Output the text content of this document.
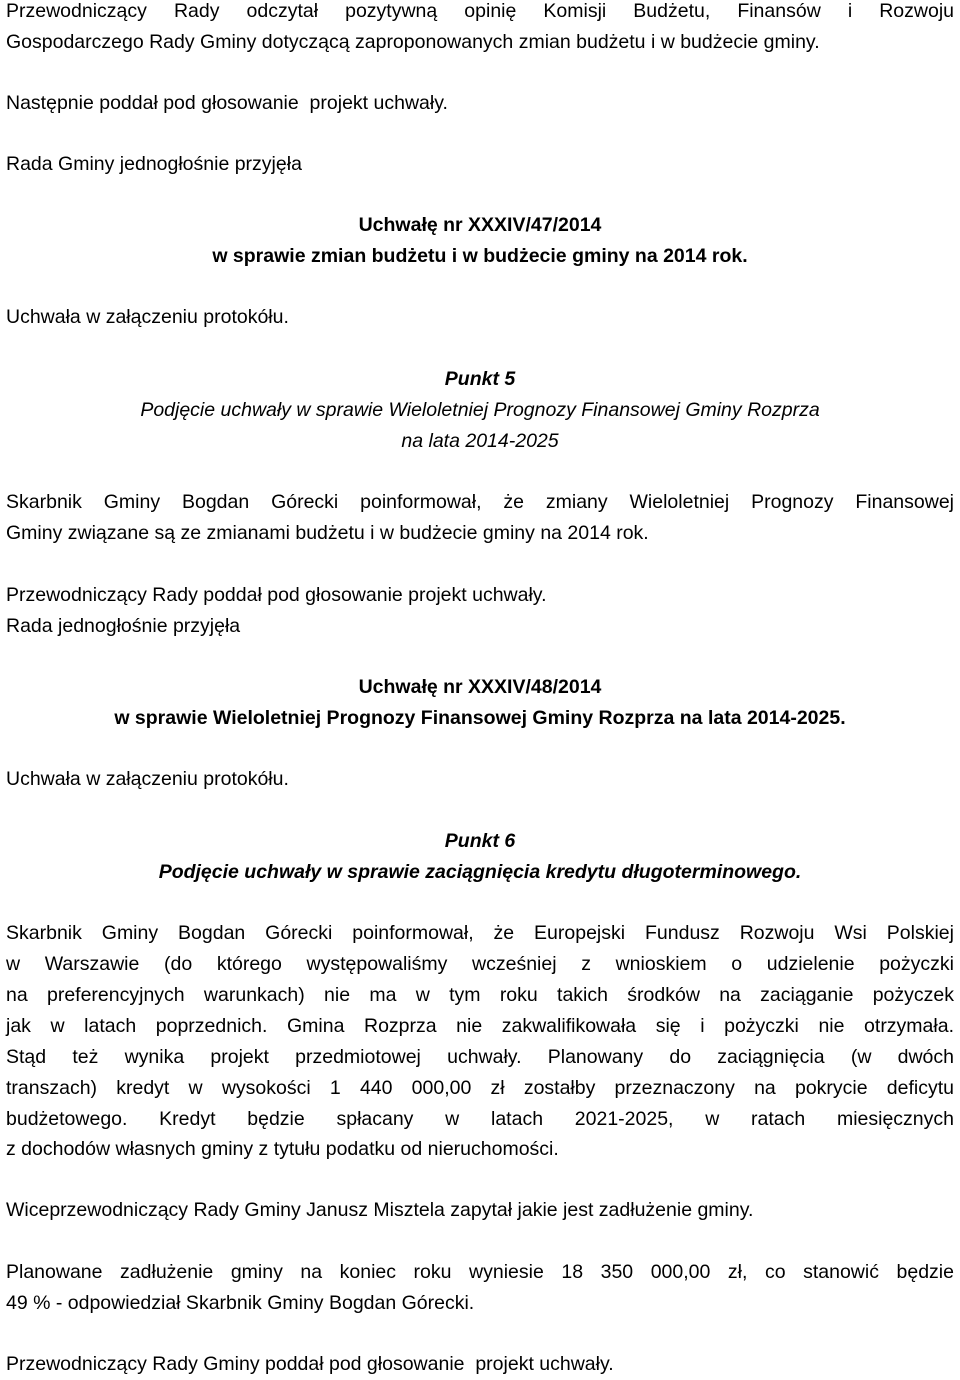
Przewodniczący Rady odczytał pozytywną opinię Komisji Budżetu, Finansów i Rozwoju
Gospodarczego Rady Gminy dotyczącą zaproponowanych zmian budżetu i w budżecie gminy.
Następnie poddał pod głosowanie  projekt uchwały.
Rada Gminy jednogłośnie przyjęła
Uchwałę nr XXXIV/47/2014
w sprawie zmian budżetu i w budżecie gminy na 2014 rok.
Uchwała w załączeniu protokółu.
Punkt 5
Podjęcie uchwały w sprawie Wieloletniej Prognozy Finansowej Gminy Rozprza
na lata 2014-2025
Skarbnik Gminy Bogdan Górecki poinformował, że zmiany Wieloletniej Prognozy Finansowej
Gminy związane są ze zmianami budżetu i w budżecie gminy na 2014 rok.
Przewodniczący Rady poddał pod głosowanie projekt uchwały.
Rada jednogłośnie przyjęła
Uchwałę nr XXXIV/48/2014
w sprawie Wieloletniej Prognozy Finansowej Gminy Rozprza na lata 2014-2025.
Uchwała w załączeniu protokółu.
Punkt 6
Podjęcie uchwały w sprawie zaciągnięcia kredytu długoterminowego.
Skarbnik Gminy Bogdan Górecki poinformował, że Europejski Fundusz Rozwoju Wsi Polskiej
w Warszawie (do którego występowaliśmy wcześniej z wnioskiem o udzielenie pożyczki
na preferencyjnych warunkach) nie ma w tym roku takich środków na zaciąganie pożyczek
jak w latach poprzednich. Gmina Rozprza nie zakwalifikowała się i pożyczki nie otrzymała.
Stąd też wynika projekt przedmiotowej uchwały. Planowany do zaciągnięcia (w dwóch
transzach) kredyt w wysokości 1 440 000,00 zł zostałby przeznaczony na pokrycie deficytu
budżetowego. Kredyt będzie spłacany w latach 2021-2025, w ratach miesięcznych
z dochodów własnych gminy z tytułu podatku od nieruchomości.
Wiceprzewodniczący Rady Gminy Janusz Misztela zapytał jakie jest zadłużenie gminy.
Planowane zadłużenie gminy na koniec roku wyniesie 18 350 000,00 zł, co stanowić będzie
49 % - odpowiedział Skarbnik Gminy Bogdan Górecki.
Przewodniczący Rady Gminy poddał pod głosowanie  projekt uchwały.
